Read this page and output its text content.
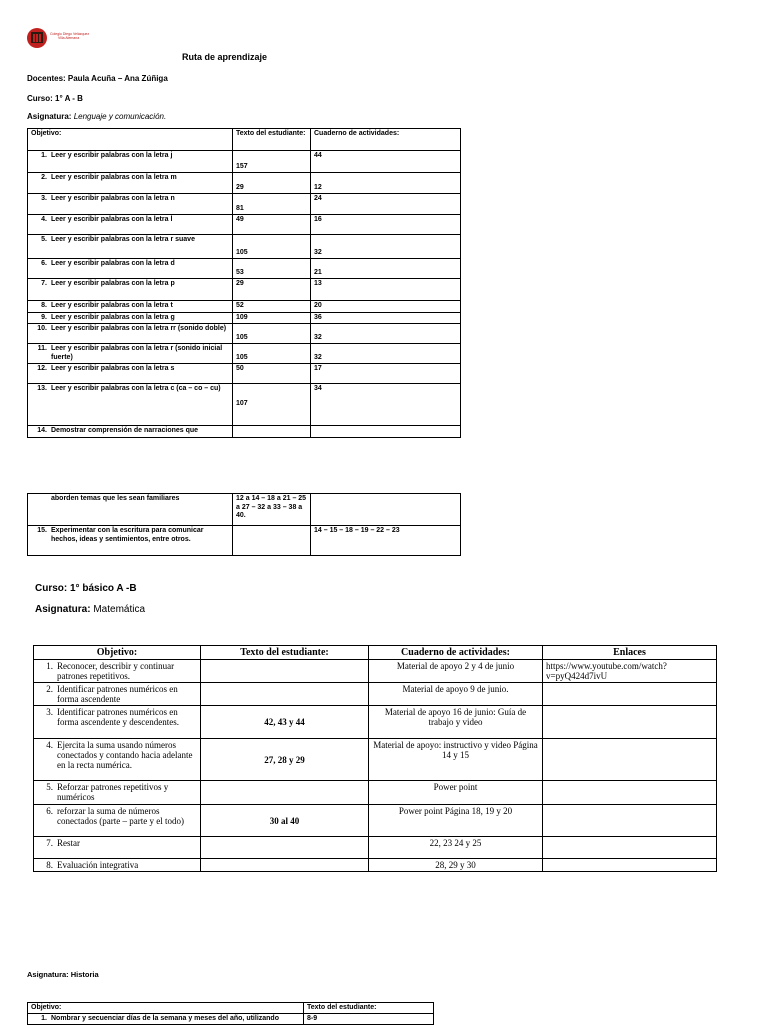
Colegio Diego Velázquez
Villa Alemana
Ruta de aprendizaje
Docentes: Paula Acuña – Ana Zúñiga
Curso: 1° A - B
Asignatura: Lenguaje y comunicación.
Objetivo:	Texto del estudiante:	Cuaderno de actividades:

1. Leer y escribir palabras con la letra j	157	44

2. Leer y escribir palabras con la letra m	29	12

3. Leer y escribir palabras con la letra n	81	24

4. Leer y escribir palabras con la letra l	49	16

5. Leer y escribir palabras con la letra r suave	105	32

6. Leer y escribir palabras con la letra d	53	21

7. Leer y escribir palabras con la letra p	29	13

8. Leer y escribir palabras con la letra t	52	20

9. Leer y escribir palabras con la letra g	109	36

10. Leer y escribir palabras con la letra rr (sonido doble)	105	32

11. Leer y escribir palabras con la letra r (sonido inicial fuerte)	105	32

12. Leer y escribir palabras con la letra s	50	17

13. Leer y escribir palabras con la letra c (ca – co – cu)	107	34

14. Demostrar comprensión de narraciones que		

aborden temas que les sean familiares	12 a 14 – 18 a 21 – 25 a 27 – 32 a 33 – 38 a 40.	

15. Experimentar con la escritura para comunicar hechos, ideas y sentimientos, entre otros.		14 – 15 – 18 – 19 – 22 – 23
Curso: 1° básico A -B
Asignatura: Matemática
Objetivo:	Texto del estudiante:	Cuaderno de actividades:	Enlaces

1. Reconocer, describir y continuar patrones repetitivos.		Material de apoyo 2 y 4 de junio	https://www.youtube.com/watch?v=pyQ424d7ivU

2. Identificar patrones numéricos en forma ascendente		Material de apoyo 9 de junio.	

3. Identificar patrones numéricos en forma ascendente y descendentes.	42, 43 y 44	Material de apoyo 16 de junio: Guía de trabajo y video	

4. Ejercita la suma usando números conectados y contando hacia adelante en la recta numérica.	27, 28 y 29	Material de apoyo: instructivo y video Página 14 y 15	

5. Reforzar patrones repetitivos y numéricos		Power point	

6. reforzar la suma de números conectados (parte – parte y el todo)	30 al 40	Power point Página 18, 19 y 20	

7. Restar		22, 23 24 y 25	

8. Evaluación integrativa		28, 29 y 30	
Asignatura: Historia
Objetivo:	Texto del estudiante:

1. Nombrar y secuenciar días de la semana y meses del año, utilizando	8-9
